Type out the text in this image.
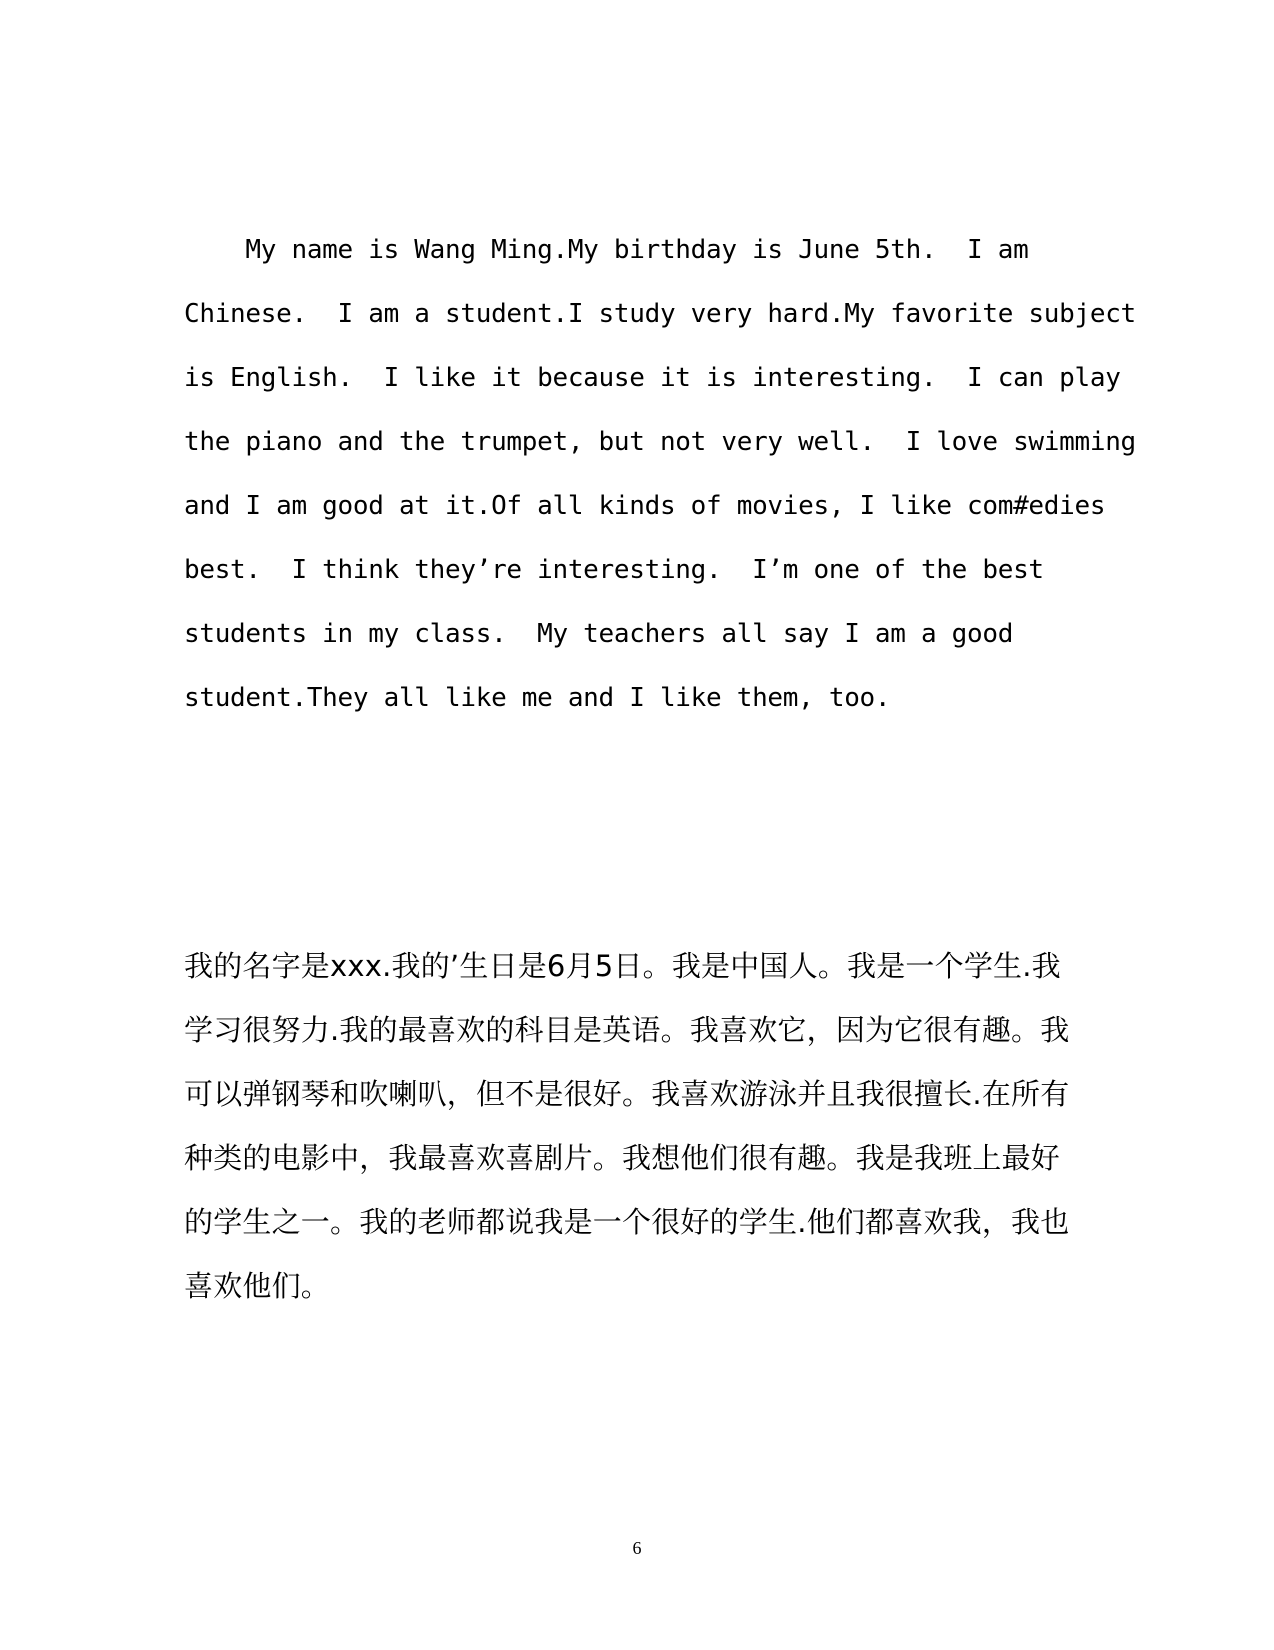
My name is Wang Ming.My birthday is June 5th.  I am
Chinese.  I am a student.I study very hard.My favorite subject
is English.  I like it because it is interesting.  I can play
the piano and the trumpet, but not very well.  I love swimming
and I am good at it.Of all kinds of movies, I like com#edies
best.  I think they’re interesting.  I’m one of the best
students in my class.  My teachers all say I am a good
student.They all like me and I like them, too.
我的名字是xxx.我的’生日是6月5日。我是中国人。我是一个学生.我
学习很努力.我的最喜欢的科目是英语。我喜欢它，因为它很有趣。我
可以弹钢琴和吹喇叭，但不是很好。我喜欢游泳并且我很擅长.在所有
种类的电影中，我最喜欢喜剧片。我想他们很有趣。我是我班上最好
的学生之一。我的老师都说我是一个很好的学生.他们都喜欢我，我也
喜欢他们。
6
